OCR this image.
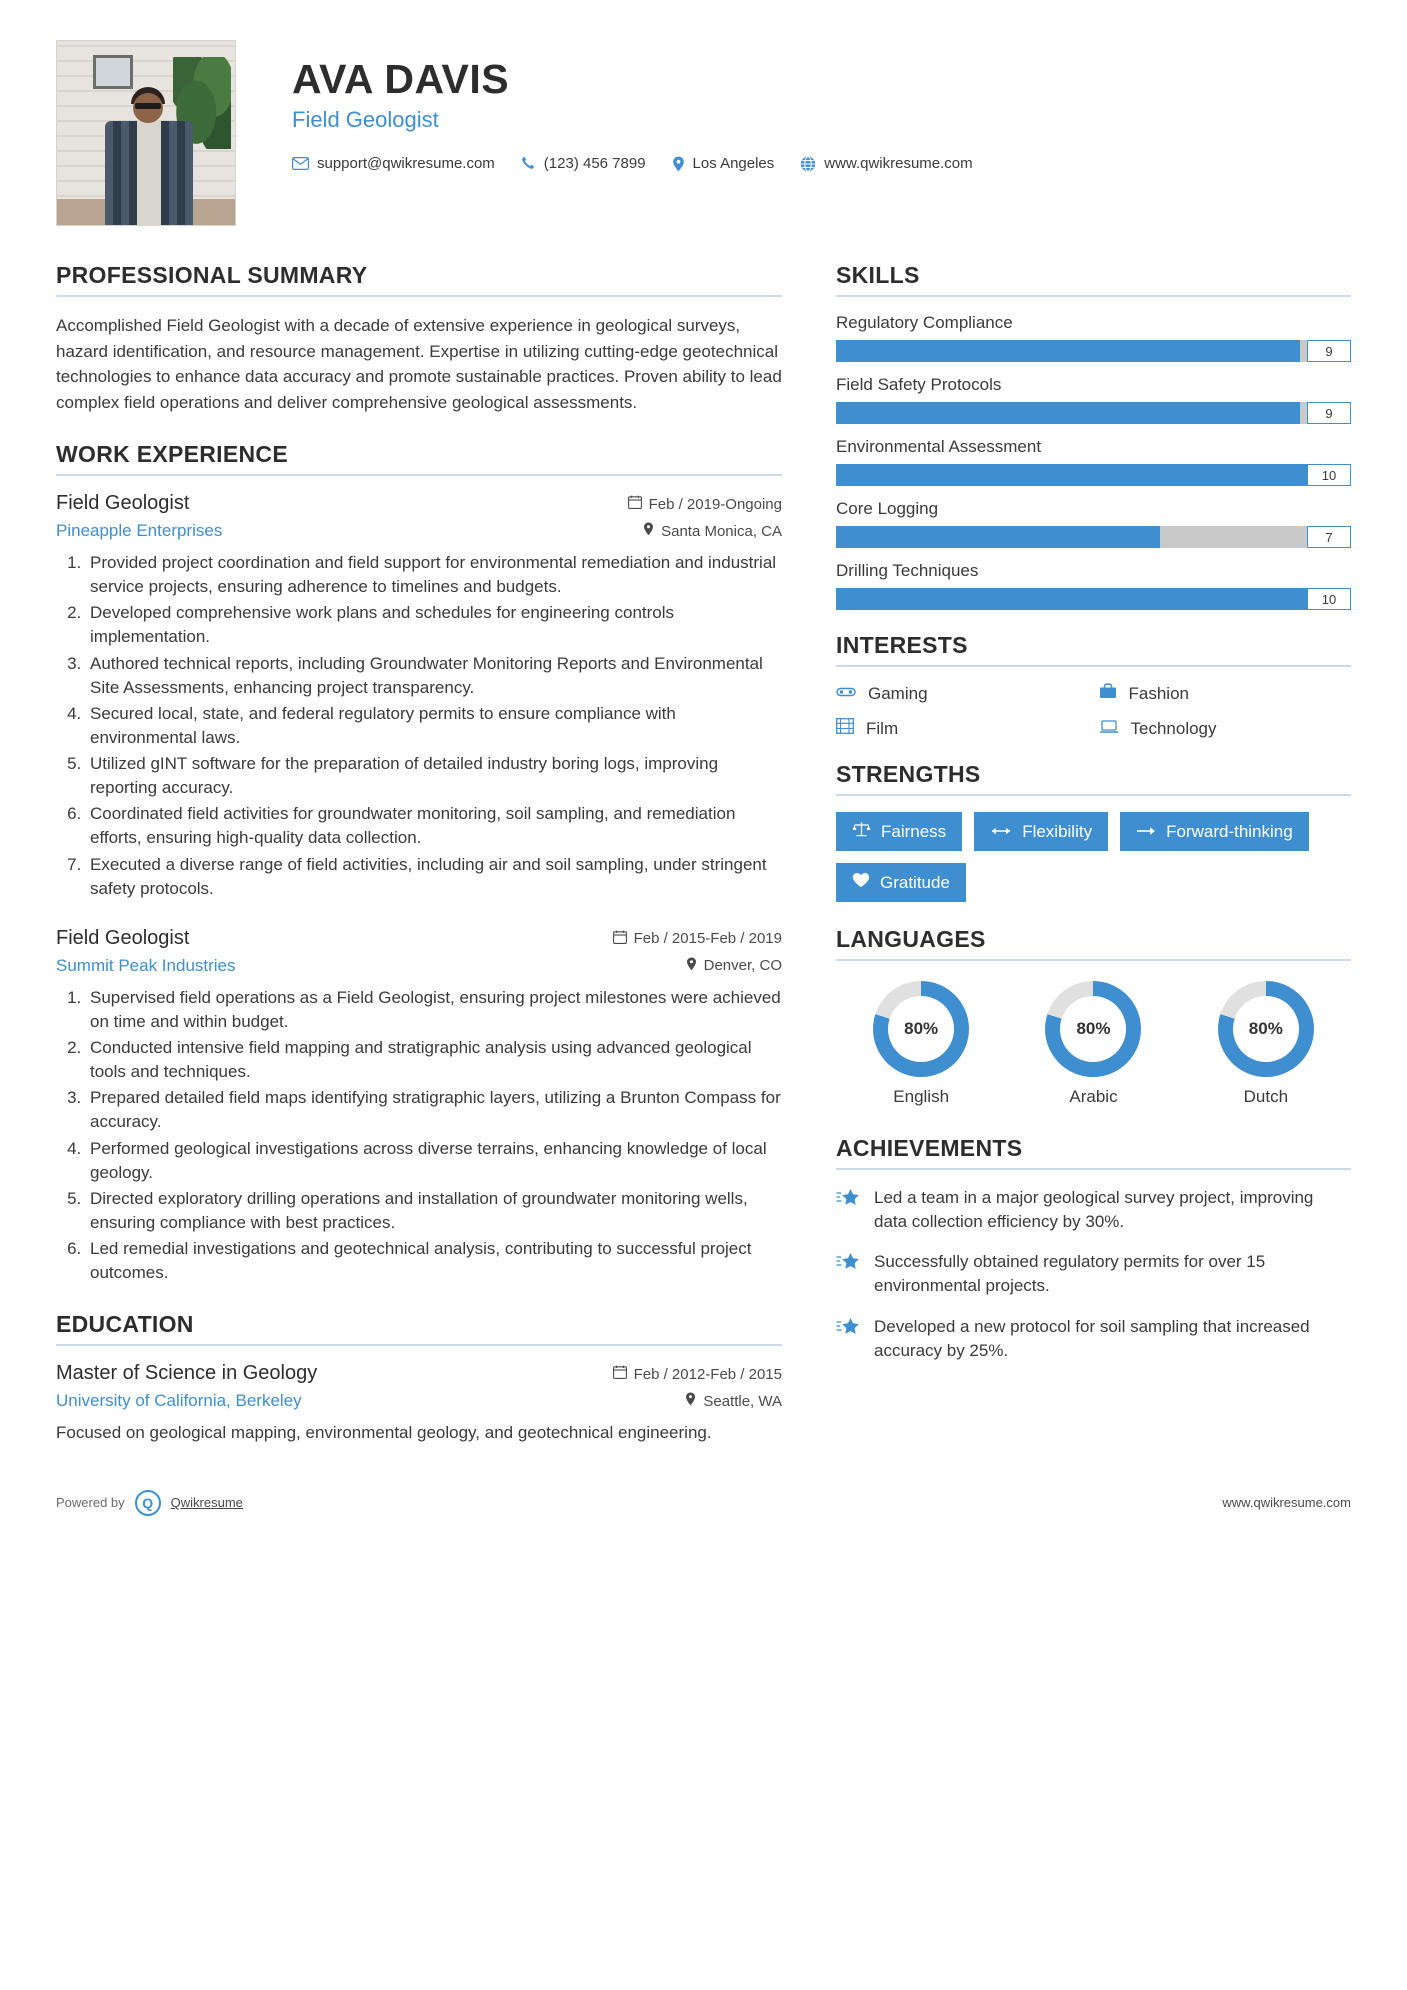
AVA DAVIS
Field Geologist
support@qwikresume.com	(123) 456 7899	Los Angeles	www.qwikresume.com
PROFESSIONAL SUMMARY
Accomplished Field Geologist with a decade of extensive experience in geological surveys, hazard identification, and resource management. Expertise in utilizing cutting-edge geotechnical technologies to enhance data accuracy and promote sustainable practices. Proven ability to lead complex field operations and deliver comprehensive geological assessments.
WORK EXPERIENCE
Field Geologist	Feb / 2019-Ongoing
Pineapple Enterprises	Santa Monica, CA
1. Provided project coordination and field support for environmental remediation and industrial service projects, ensuring adherence to timelines and budgets.
2. Developed comprehensive work plans and schedules for engineering controls implementation.
3. Authored technical reports, including Groundwater Monitoring Reports and Environmental Site Assessments, enhancing project transparency.
4. Secured local, state, and federal regulatory permits to ensure compliance with environmental laws.
5. Utilized gINT software for the preparation of detailed industry boring logs, improving reporting accuracy.
6. Coordinated field activities for groundwater monitoring, soil sampling, and remediation efforts, ensuring high-quality data collection.
7. Executed a diverse range of field activities, including air and soil sampling, under stringent safety protocols.
Field Geologist	Feb / 2015-Feb / 2019
Summit Peak Industries	Denver, CO
1. Supervised field operations as a Field Geologist, ensuring project milestones were achieved on time and within budget.
2. Conducted intensive field mapping and stratigraphic analysis using advanced geological tools and techniques.
3. Prepared detailed field maps identifying stratigraphic layers, utilizing a Brunton Compass for accuracy.
4. Performed geological investigations across diverse terrains, enhancing knowledge of local geology.
5. Directed exploratory drilling operations and installation of groundwater monitoring wells, ensuring compliance with best practices.
6. Led remedial investigations and geotechnical analysis, contributing to successful project outcomes.
EDUCATION
Master of Science in Geology	Feb / 2012-Feb / 2015
University of California, Berkeley	Seattle, WA
Focused on geological mapping, environmental geology, and geotechnical engineering.
SKILLS
Regulatory Compliance
9
Field Safety Protocols
9
Environmental Assessment
10
Core Logging
7
Drilling Techniques
10
INTERESTS
Gaming	Fashion
Film	Technology
STRENGTHS
Fairness	Flexibility	Forward-thinking
Gratitude
LANGUAGES
80%
English
80%
Arabic
80%
Dutch
ACHIEVEMENTS
Led a team in a major geological survey project, improving data collection efficiency by 30%.
Successfully obtained regulatory permits for over 15 environmental projects.
Developed a new protocol for soil sampling that increased accuracy by 25%.
Powered by	Q	Qwikresume	www.qwikresume.com
